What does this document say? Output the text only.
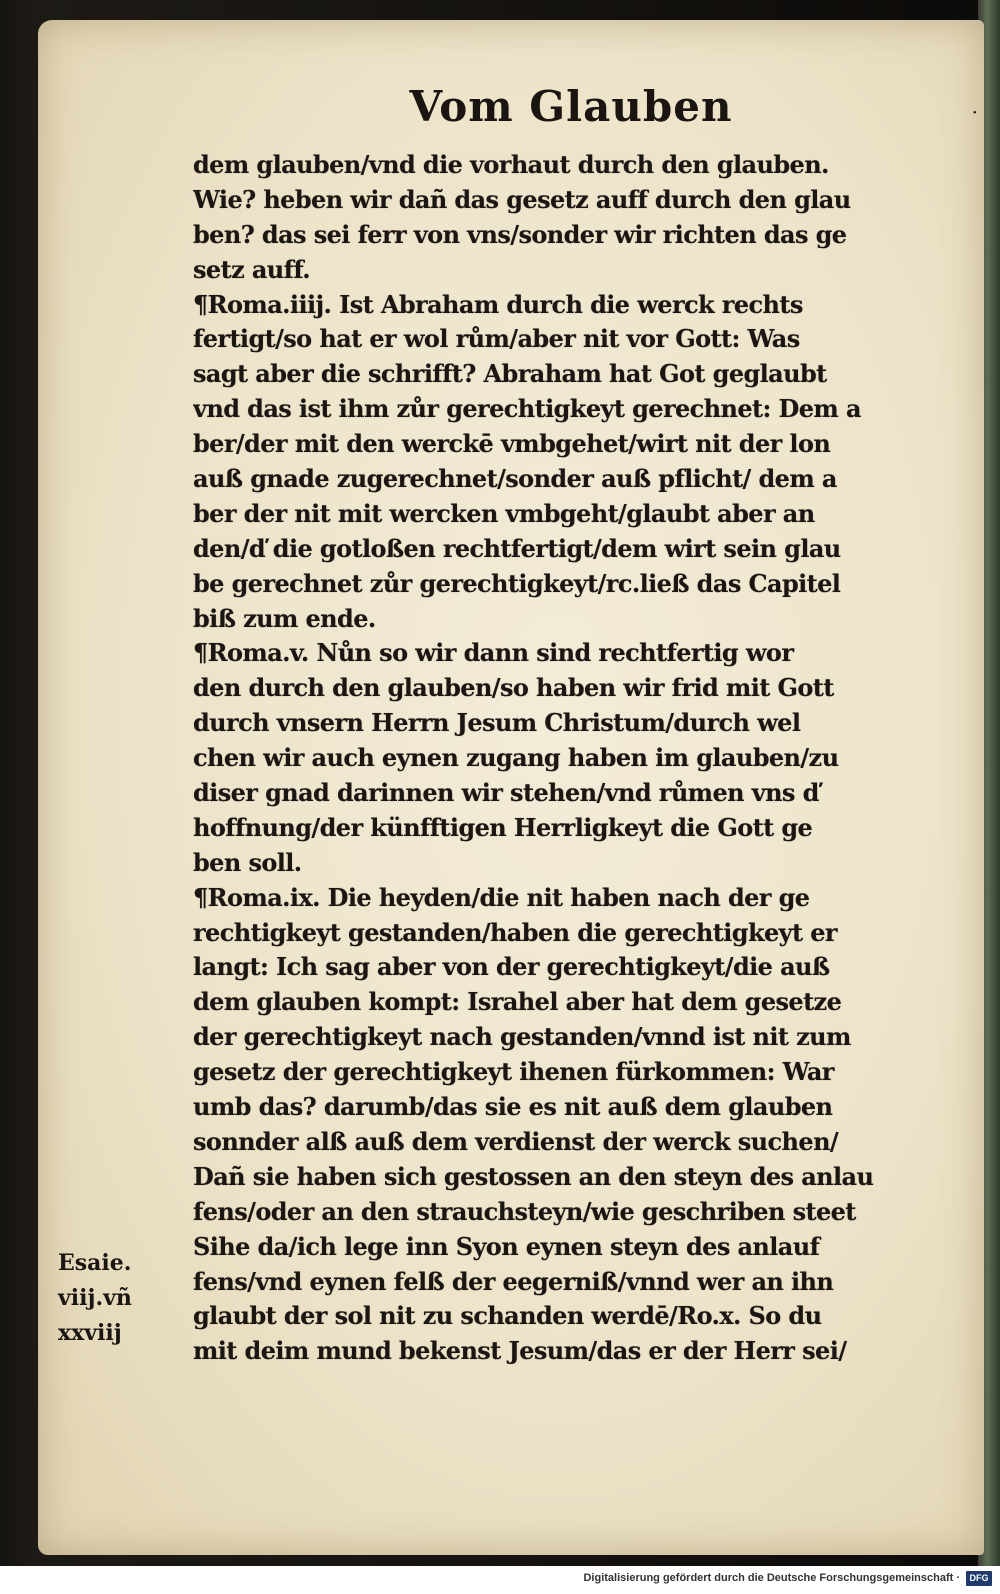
Vom Glauben	·
dem glauben/vnd die vorhaut durch den glauben.
Wie? heben wir dañ das gesetz auff durch den glau
ben? das sei ferr von vns/sonder wir richten das ge
setz auff.
¶Roma.iiij. Ist Abraham durch die werck rechts
fertigt/so hat er wol rům/aber nit vor Gott: Was
sagt aber die schrifft? Abraham hat Got geglaubt
vnd das ist ihm zůr gerechtigkeyt gerechnet: Dem a
ber/der mit den werckē vmbgehet/wirt nit der lon
auß gnade zugerechnet/sonder auß pflicht/ dem a
ber der nit mit wercken vmbgeht/glaubt aber an
den/ď die gotloßen rechtfertigt/dem wirt sein glau
be gerechnet zůr gerechtigkeyt/rc.ließ das Capitel
biß zum ende.
¶Roma.v. Nůn so wir dann sind rechtfertig wor
den durch den glauben/so haben wir frid mit Gott
durch vnsern Herrn Jesum Christum/durch wel
chen wir auch eynen zugang haben im glauben/zu
diser gnad darinnen wir stehen/vnd růmen vns ď
hoffnung/der künfftigen Herrligkeyt die Gott ge
ben soll.
¶Roma.ix. Die heyden/die nit haben nach der ge
rechtigkeyt gestanden/haben die gerechtigkeyt er
langt: Ich sag aber von der gerechtigkeyt/die auß
dem glauben kompt: Israhel aber hat dem gesetze
der gerechtigkeyt nach gestanden/vnnd ist nit zum
gesetz der gerechtigkeyt ihenen fürkommen: War
umb das? darumb/das sie es nit auß dem glauben
sonnder alß auß dem verdienst der werck suchen/
Dañ sie haben sich gestossen an den steyn des anlau
fens/oder an den strauchsteyn/wie geschriben steet
Sihe da/ich lege inn Syon eynen steyn des anlauf
fens/vnd eynen felß der eegerniß/vnnd wer an ihn
glaubt der sol nit zu schanden werdē/Ro.x. So du
mit deim mund bekenst Jesum/das er der Herr sei/
Esaie.
viij.vñ
xxviij
Digitalisierung gefördert durch die Deutsche Forschungsgemeinschaft ·	DFG
